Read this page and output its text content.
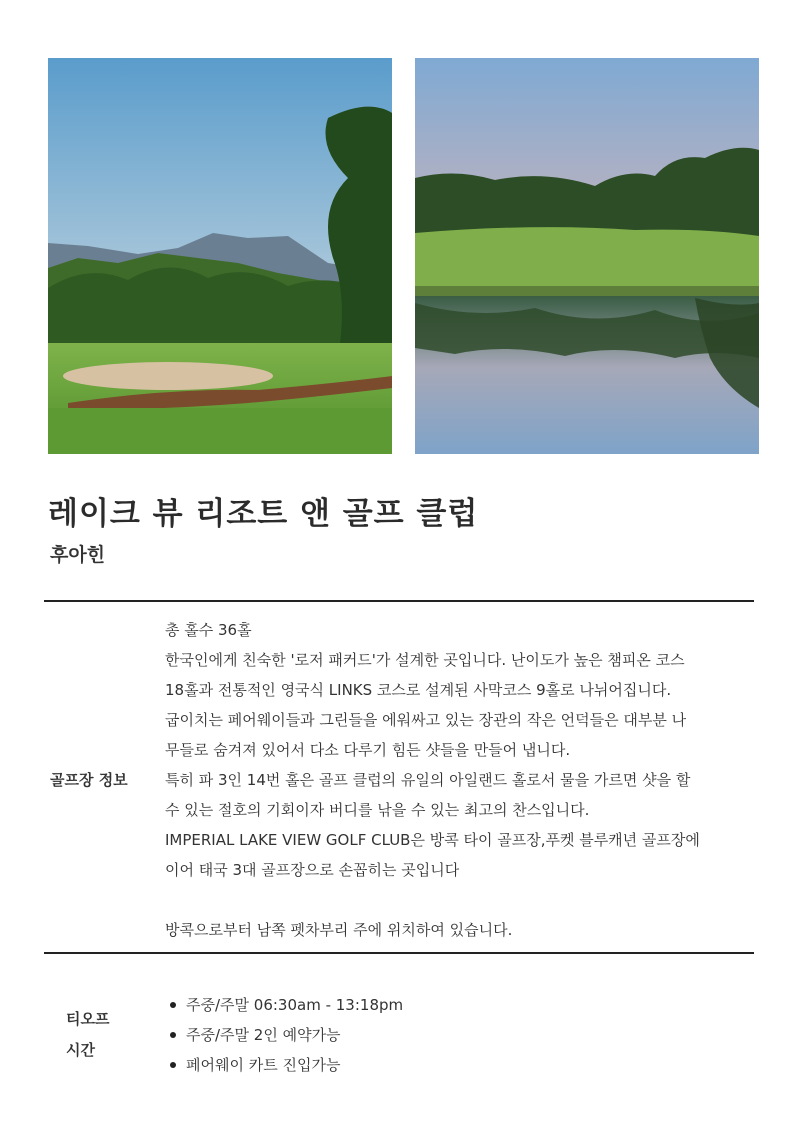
레이크 뷰 리조트 앤 골프 클럽
후아힌
골프장 정보
총 홀수 36홀
한국인에게 친숙한 '로저 패커드'가 설계한 곳입니다. 난이도가 높은 챔피온 코스
18홀과 전통적인 영국식 LINKS 코스로 설계된 사막코스 9홀로 나뉘어집니다.
굽이치는 페어웨이들과 그린들을 에워싸고 있는 장관의 작은 언덕들은 대부분 나
무들로 숨겨져 있어서 다소 다루기 힘든 샷들을 만들어 냅니다.
특히 파 3인 14번 홀은 골프 클럽의 유일의 아일랜드 홀로서 물을 가르면 샷을 할
수 있는 절호의 기회이자 버디를 낚을 수 있는 최고의 찬스입니다.
IMPERIAL LAKE VIEW GOLF CLUB은 방콕 타이 골프장,푸켓 블루캐년 골프장에
이어 태국 3대 골프장으로 손꼽히는 곳입니다
방콕으로부터 남쪽 펫차부리 주에 위치하여 있습니다.
티오프
시간
주중/주말 06:30am - 13:18pm
주중/주말 2인 예약가능
페어웨이 카트 진입가능
